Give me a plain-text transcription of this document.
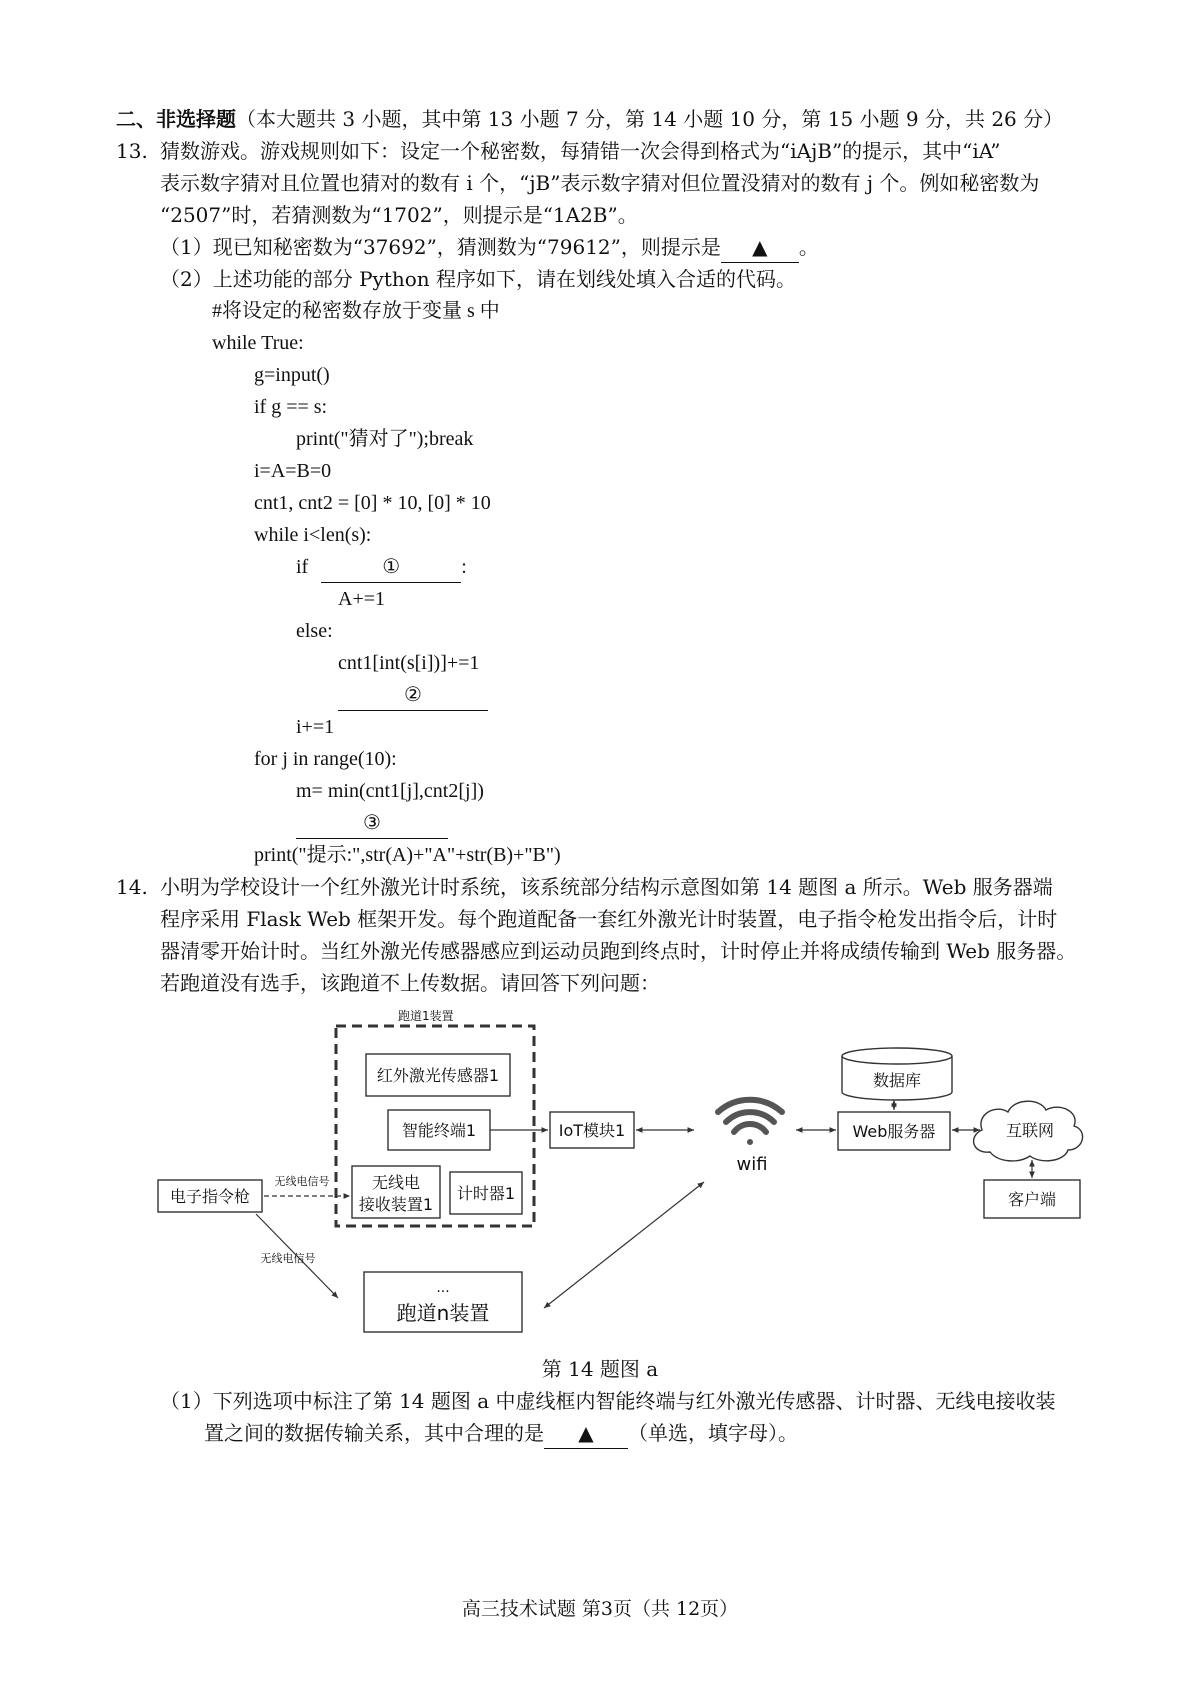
二、非选择题（本大题共 3 小题，其中第 13 小题 7 分，第 14 小题 10 分，第 15 小题 9 分，共 26 分）
13. 猜数游戏。游戏规则如下：设定一个秘密数，每猜错一次会得到格式为“iAjB”的提示，其中“iA”
表示数字猜对且位置也猜对的数有 i 个，“jB”表示数字猜对但位置没猜对的数有 j 个。例如秘密数为
“2507”时，若猜测数为“1702”，则提示是“1A2B”。
（1）现已知秘密数为“37692”，猜测数为“79612”，则提示是 ▲ 。
（2）上述功能的部分 Python 程序如下，请在划线处填入合适的代码。
#将设定的秘密数存放于变量 s 中
while True:
g=input()
if g == s:
print("猜对了");break
i=A=B=0
cnt1, cnt2 = [0] * 10, [0] * 10
while i<len(s):
if	①	:
A+=1
else:
cnt1[int(s[i])]+=1
②
i+=1
for j in range(10):
m= min(cnt1[j],cnt2[j])
③
print("提示:",str(A)+"A"+str(B)+"B")
14. 小明为学校设计一个红外激光计时系统，该系统部分结构示意图如第 14 题图 a 所示。Web 服务器端
程序采用 Flask Web 框架开发。每个跑道配备一套红外激光计时装置，电子指令枪发出指令后，计时
器清零开始计时。当红外激光传感器感应到运动员跑到终点时，计时停止并将成绩传输到 Web 服务器。
若跑道没有选手，该跑道不上传数据。请回答下列问题：
跑道1装置
红外激光传感器1
智能终端1
无线电
接收装置1
计时器1
IoT模块1
电子指令枪
无线电信号
无线电信号
...
跑道n装置
wifi
数据库
Web服务器	互联网
客户端
第 14 题图 a
（1）下列选项中标注了第 14 题图 a 中虚线框内智能终端与红外激光传感器、计时器、无线电接收装
置之间的数据传输关系，其中合理的是 ▲ （单选，填字母）。
高三技术试题 第3页（共 12页）
